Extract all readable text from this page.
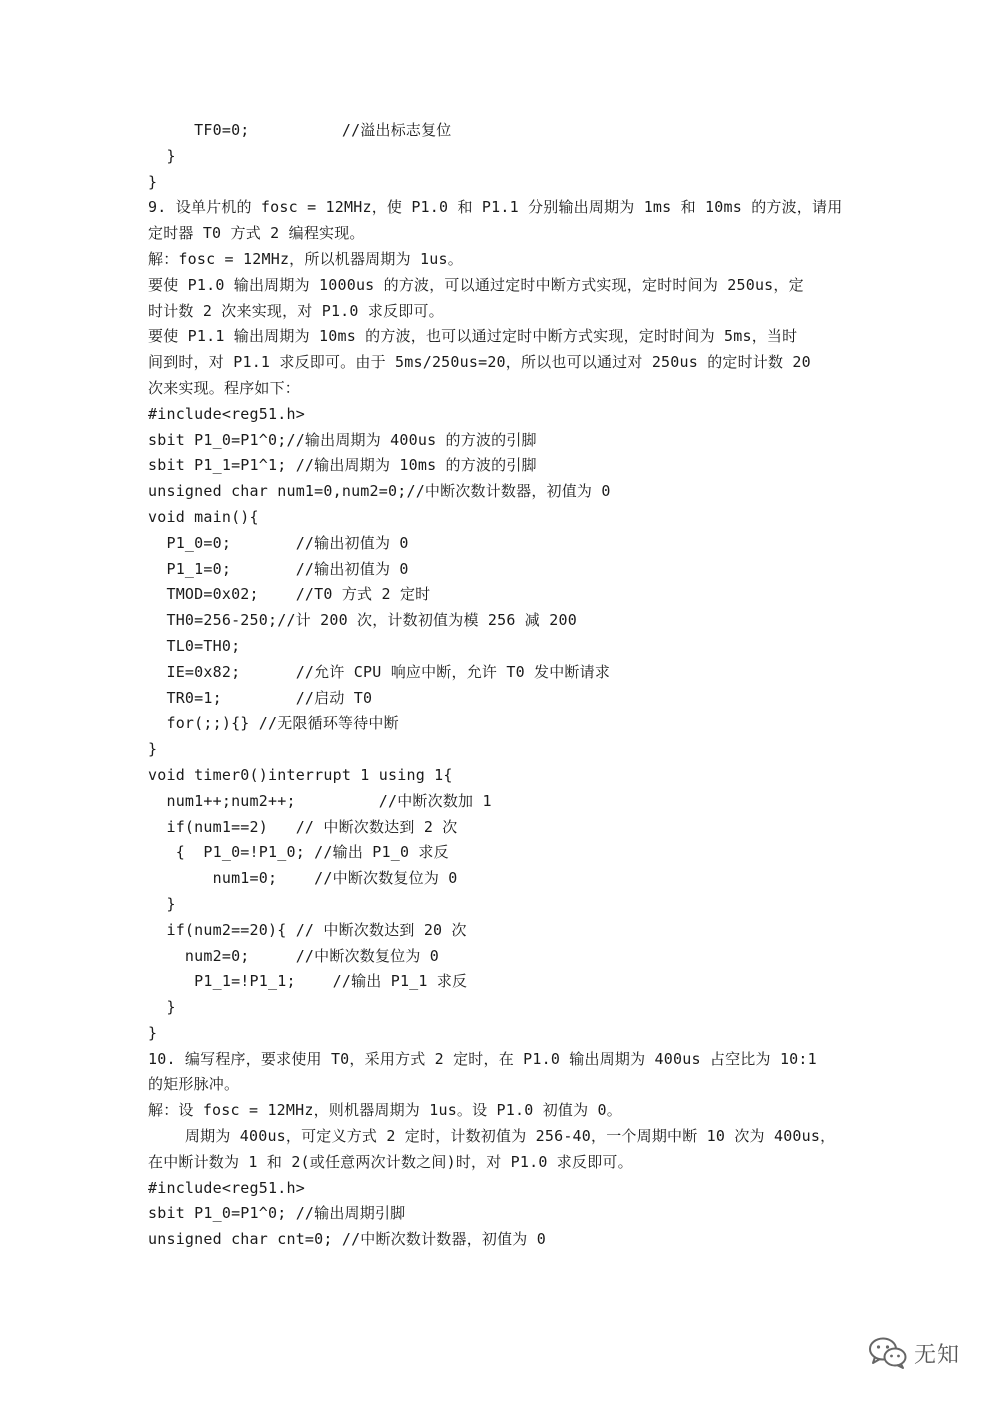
TF0=0;          //溢出标志复位
}
}
9. 设单片机的 fosc = 12MHz，使 P1.0 和 P1.1 分别输出周期为 1ms 和 10ms 的方波，请用
定时器 T0 方式 2 编程实现。
解：fosc = 12MHz，所以机器周期为 1us。
要使 P1.0 输出周期为 1000us 的方波，可以通过定时中断方式实现，定时时间为 250us，定
时计数 2 次来实现，对 P1.0 求反即可。
要使 P1.1 输出周期为 10ms 的方波，也可以通过定时中断方式实现，定时时间为 5ms，当时
间到时，对 P1.1 求反即可。由于 5ms/250us=20，所以也可以通过对 250us 的定时计数 20
次来实现。程序如下：
#include<reg51.h>
sbit P1_0=P1^0;//输出周期为 400us 的方波的引脚
sbit P1_1=P1^1; //输出周期为 10ms 的方波的引脚
unsigned char num1=0,num2=0;//中断次数计数器，初值为 0
void main(){
P1_0=0;       //输出初值为 0
P1_1=0;       //输出初值为 0
TMOD=0x02;    //T0 方式 2 定时
TH0=256-250;//计 200 次，计数初值为模 256 减 200
TL0=TH0;
IE=0x82;      //允许 CPU 响应中断，允许 T0 发中断请求
TR0=1;        //启动 T0
for(;;){} //无限循环等待中断
}
void timer0()interrupt 1 using 1{
num1++;num2++;         //中断次数加 1
if(num1==2)   // 中断次数达到 2 次
{  P1_0=!P1_0; //输出 P1_0 求反
num1=0;    //中断次数复位为 0
}
if(num2==20){ // 中断次数达到 20 次
num2=0;     //中断次数复位为 0
P1_1=!P1_1;    //输出 P1_1 求反
}
}
10. 编写程序，要求使用 T0，采用方式 2 定时，在 P1.0 输出周期为 400us 占空比为 10:1
的矩形脉冲。
解：设 fosc = 12MHz，则机器周期为 1us。设 P1.0 初值为 0。
周期为 400us，可定义方式 2 定时，计数初值为 256-40，一个周期中断 10 次为 400us，
在中断计数为 1 和 2(或任意两次计数之间)时，对 P1.0 求反即可。
#include<reg51.h>
sbit P1_0=P1^0; //输出周期引脚
unsigned char cnt=0; //中断次数计数器，初值为 0
无知
